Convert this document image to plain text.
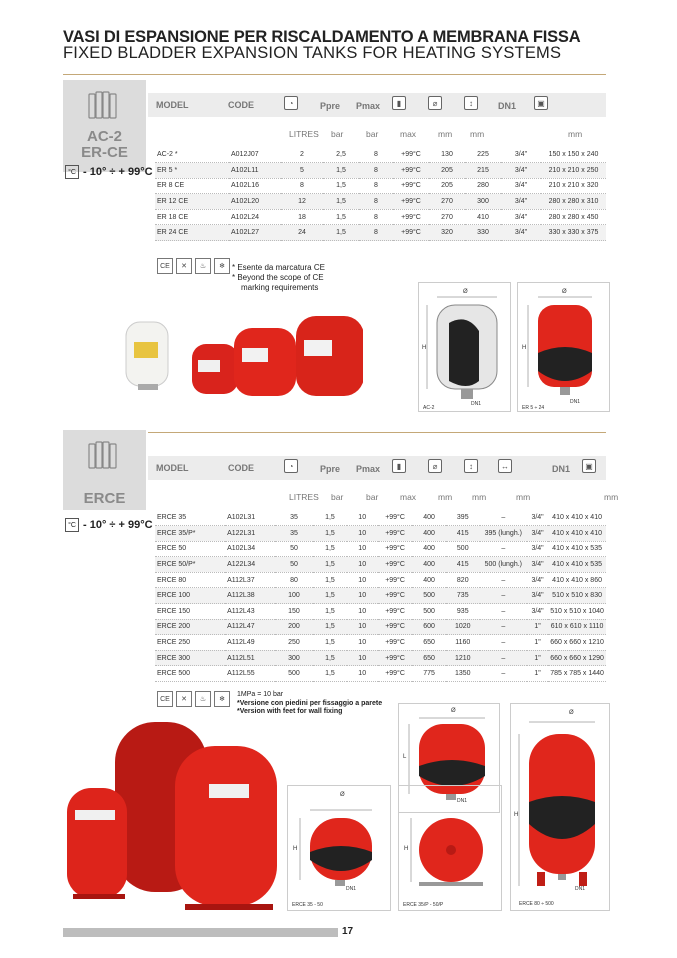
VASI DI ESPANSIONE PER RISCALDAMENTO A MEMBRANA FISSA
FIXED BLADDER EXPANSION TANKS FOR HEATING SYSTEMS
AC-2
ER-CE
°C - 10° ÷ + 99°C
MODEL	CODE	◔	Ppre Pmax	▮	⌀	↕	DN1	▣
LITRES bar	bar	max	mm mm	mm
AC-2 *	A012J07	2	2,5	8	+99°C	130	225	3/4"	150 x 150 x 240
ER 5 *	A102L11	5	1,5	8	+99°C	205	215	3/4"	210 x 210 x 250
ER 8 CE	A102L16	8	1,5	8	+99°C	205	280	3/4"	210 x 210 x 320
ER 12 CE	A102L20	12	1,5	8	+99°C	270	300	3/4"	280 x 280 x 310
ER 18 CE	A102L24	18	1,5	8	+99°C	270	410	3/4"	280 x 280 x 450
ER 24 CE	A102L27	24	1,5	8	+99°C	320	330	3/4"	330 x 330 x 375
CE	✕	♨	❄ * Esente da marcatura CE
* Beyond the scope of CE
marking requirements	Ø
H
AC-2
DN1
Ø
H
ER 5 ÷ 24
DN1
ERCE
°C - 10° ÷ + 99°C
MODEL	CODE	◔	Ppre Pmax	▮	⌀	↕	↔	DN1	▣
LITRES bar	bar	max	mm mm	mm	mm
ERCE 35	A102L31	35	1,5	10	+99°C	400	395	–	3/4"	410 x 410 x 410
ERCE 35/P*	A122L31	35	1,5	10	+99°C	400	415	395 (lungh.)	3/4"	410 x 410 x 410
ERCE 50	A102L34	50	1,5	10	+99°C	400	500	–	3/4"	410 x 410 x 535
ERCE 50/P*	A122L34	50	1,5	10	+99°C	400	415	500 (lungh.)	3/4"	410 x 410 x 535
ERCE 80	A112L37	80	1,5	10	+99°C	400	820	–	3/4"	410 x 410 x 860
ERCE 100	A112L38	100	1,5	10	+99°C	500	735	–	3/4"	510 x 510 x 830
ERCE 150	A112L43	150	1,5	10	+99°C	500	935	–	3/4"	510 x 510 x 1040
ERCE 200	A112L47	200	1,5	10	+99°C	600	1020	–	1"	610 x 610 x 1110
ERCE 250	A112L49	250	1,5	10	+99°C	650	1160	–	1"	660 x 660 x 1210
ERCE 300	A112L51	300	1,5	10	+99°C	650	1210	–	1"	660 x 660 x 1290
ERCE 500	A112L55	500	1,5	10	+99°C	775	1350	–	1"	785 x 785 x 1440
CE	✕	♨	❄
1MPa = 10 bar
*Versione con piedini per fissaggio a parete
*Version with feet for wall fixing	Ø
L
DN1
Ø
H
DN1
ERCE 35 - 50
H
ERCE 35/P - 50/P
Ø
H
DN1
ERCE 80 ÷ 500
17
